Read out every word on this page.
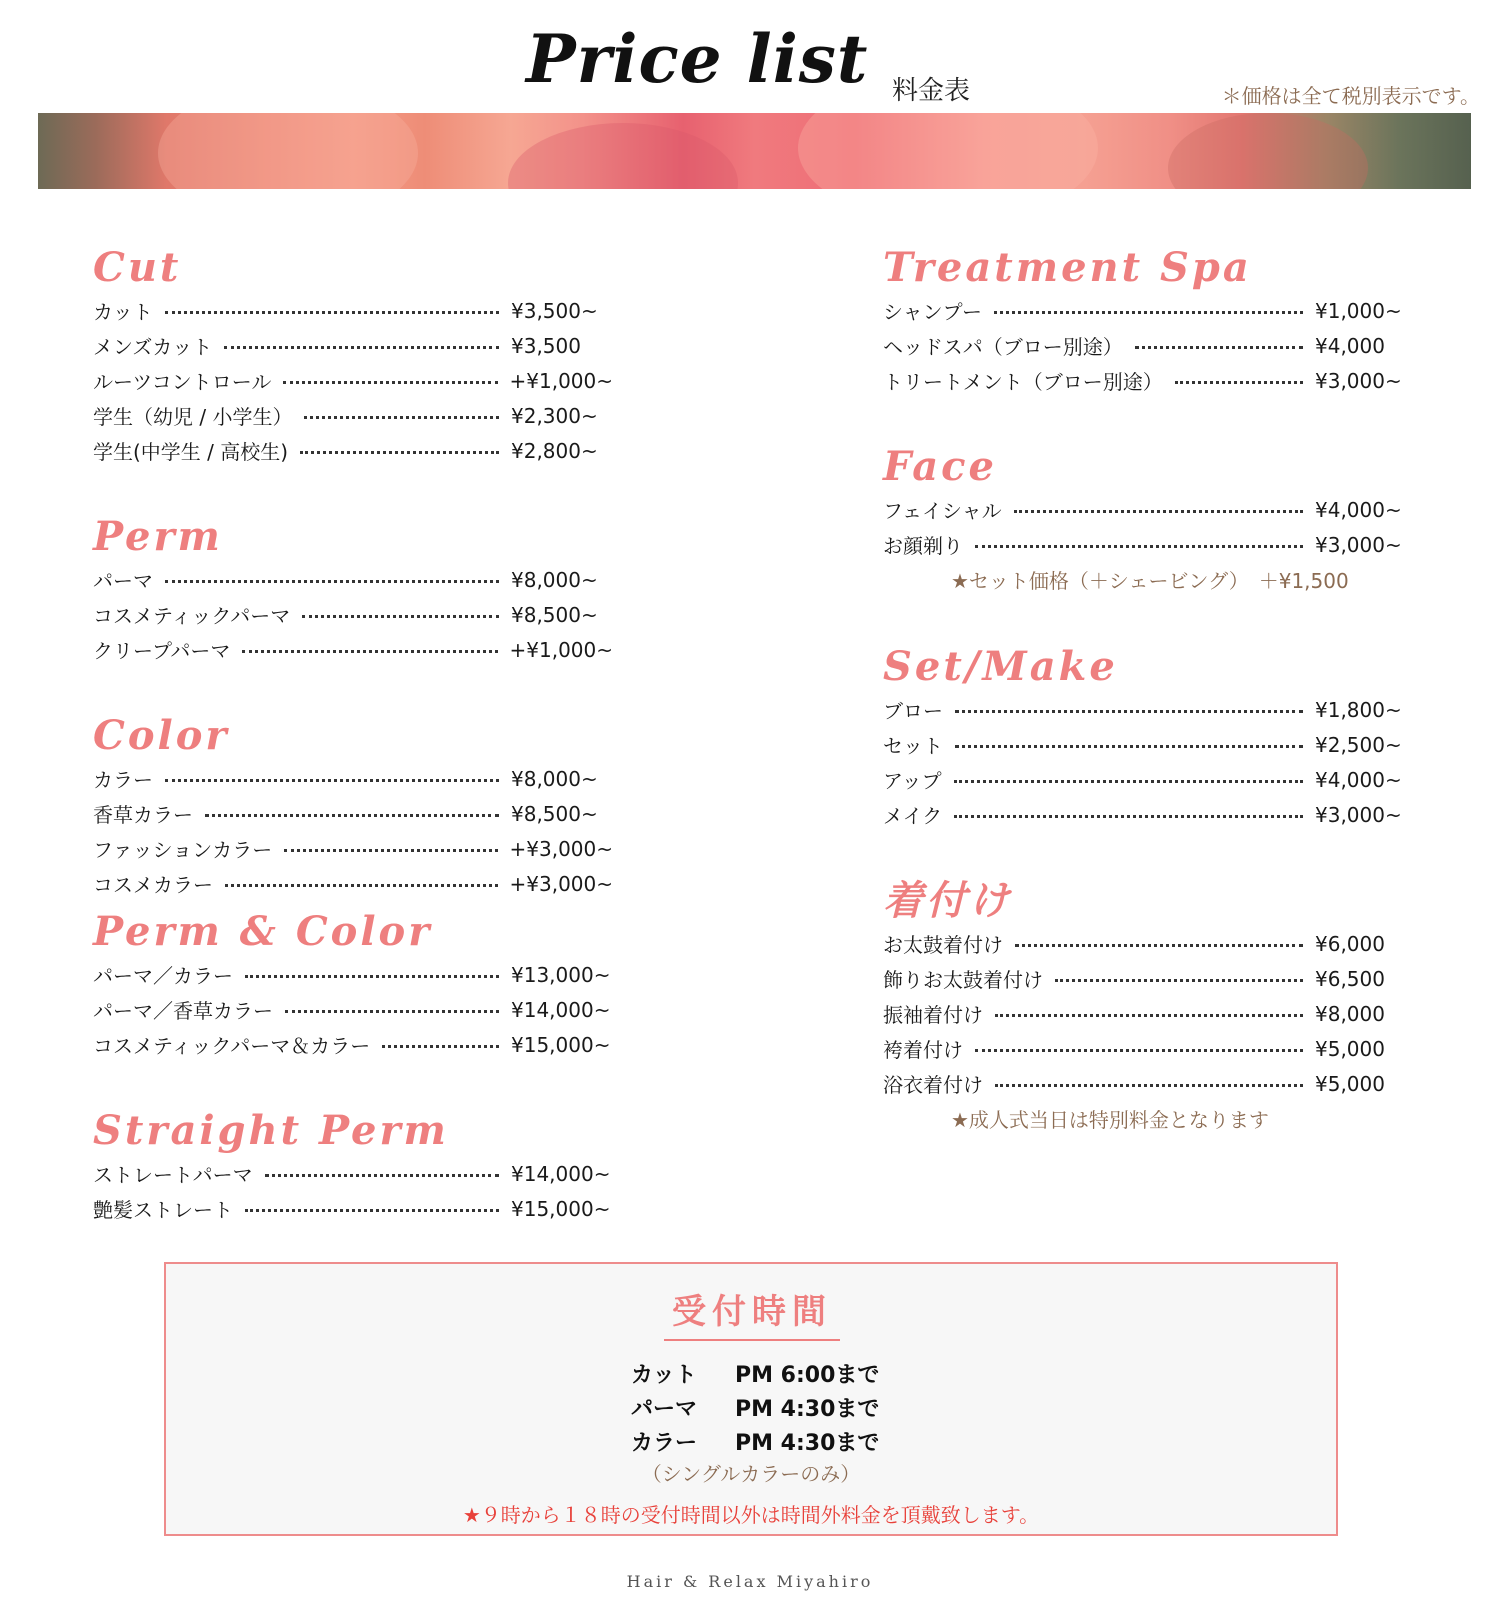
Price list 料金表	＊価格は全て税別表示です。
Cut
カット	¥3,500~
メンズカット	¥3,500
ルーツコントロール	+¥1,000~
学生（幼児 / 小学生）	¥2,300~
学生(中学生 / 高校生)	¥2,800~
Perm
パーマ	¥8,000~
コスメティックパーマ	¥8,500~
クリープパーマ	+¥1,000~
Color
カラー	¥8,000~
香草カラー	¥8,500~
ファッションカラー	+¥3,000~
コスメカラー	+¥3,000~
Perm & Color
パーマ／カラー	¥13,000~
パーマ／香草カラー	¥14,000~
コスメティックパーマ＆カラー	¥15,000~
Straight Perm
ストレートパーマ	¥14,000~
艶髪ストレート	¥15,000~
Treatment Spa
シャンプー	¥1,000~
ヘッドスパ（ブロー別途）	¥4,000
トリートメント（ブロー別途）	¥3,000~
Face
フェイシャル	¥4,000~
お顔剃り	¥3,000~
★セット価格（＋シェービング）　＋¥1,500
Set/Make
ブロー	¥1,800~
セット	¥2,500~
アップ	¥4,000~
メイク	¥3,000~
着付け
お太鼓着付け	¥6,000
飾りお太鼓着付け	¥6,500
振袖着付け	¥8,000
袴着付け	¥5,000
浴衣着付け	¥5,000
★成人式当日は特別料金となります
受付時間
カット	PM 6:00まで
パーマ	PM 4:30まで
カラー	PM 4:30まで
（シングルカラーのみ）
★９時から１８時の受付時間以外は時間外料金を頂戴致します。
Hair & Relax Miyahiro
